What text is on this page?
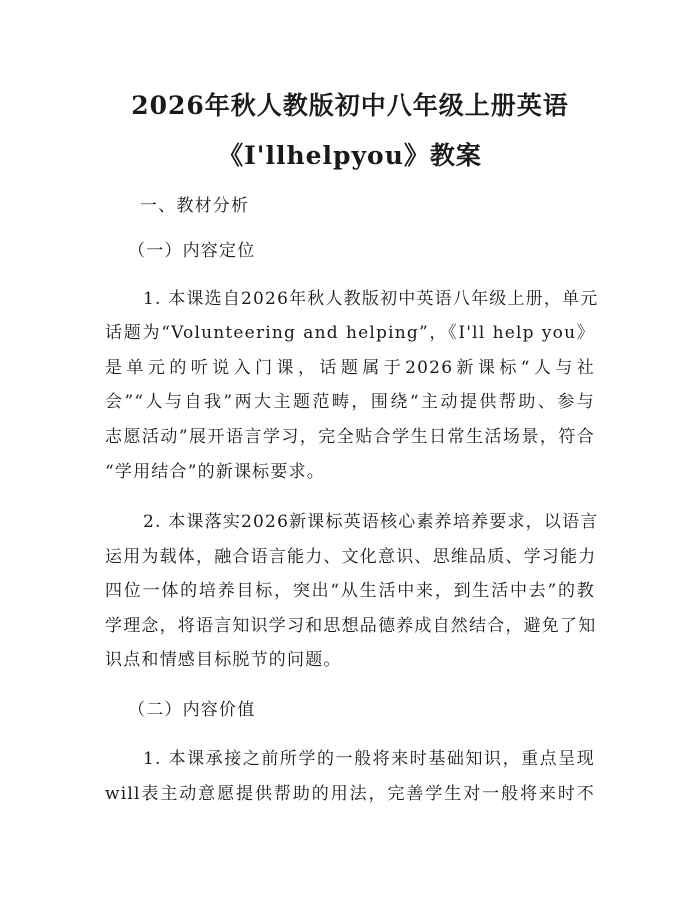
2026年秋人教版初中八年级上册英语
《I'llhelpyou》教案
一、教材分析
（一）内容定位
1. 本课选自2026年秋人教版初中英语八年级上册，单元
话题为“Volunteering and helping”，《I'll help you》
是单元的听说入门课，话题属于2026新课标“人与社
会”“人与自我”两大主题范畴，围绕“主动提供帮助、参与
志愿活动”展开语言学习，完全贴合学生日常生活场景，符合
“学用结合”的新课标要求。
2. 本课落实2026新课标英语核心素养培养要求，以语言
运用为载体，融合语言能力、文化意识、思维品质、学习能力
四位一体的培养目标，突出“从生活中来，到生活中去”的教
学理念，将语言知识学习和思想品德养成自然结合，避免了知
识点和情感目标脱节的问题。
（二）内容价值
1. 本课承接之前所学的一般将来时基础知识，重点呈现
will表主动意愿提供帮助的用法，完善学生对一般将来时不
